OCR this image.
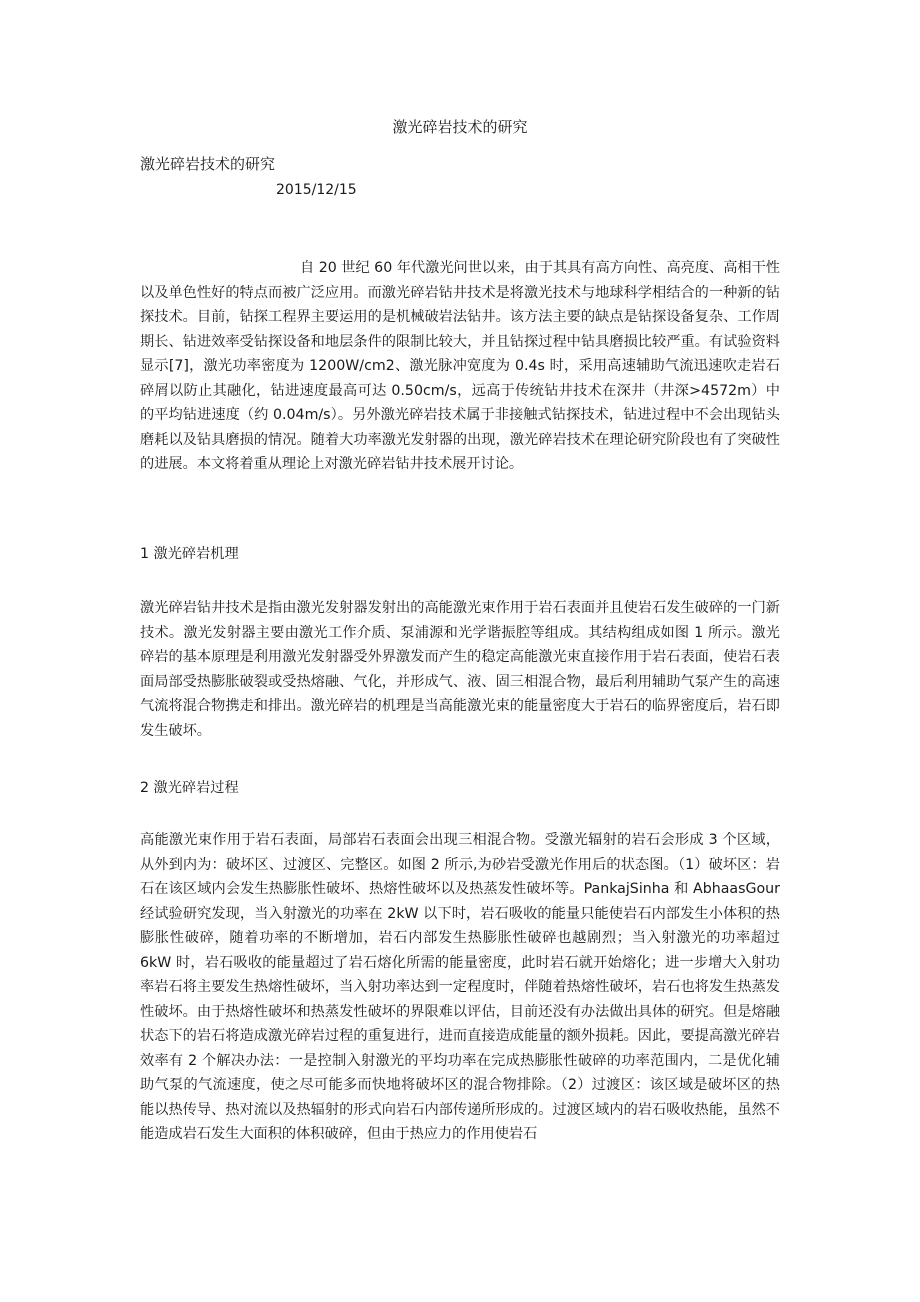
激光碎岩技术的研究
激光碎岩技术的研究
2015/12/15

自 20 世纪 60 年代激光问世以来，由于其具有高方向性、高亮度、高相干性以及单色性好的特点而被广泛应用。而激光碎岩钻井技术是将激光技术与地球科学相结合的一种新的钻探技术。目前，钻探工程界主要运用的是机械破岩法钻井。该方法主要的缺点是钻探设备复杂、工作周期长、钻进效率受钻探设备和地层条件的限制比较大，并且钻探过程中钻具磨损比较严重。有试验资料显示[7]，激光功率密度为 1200W/cm2、激光脉冲宽度为 0.4s 时，采用高速辅助气流迅速吹走岩石碎屑以防止其融化，钻进速度最高可达 0.50cm/s，远高于传统钻井技术在深井（井深>4572m）中的平均钻进速度（约 0.04m/s）。另外激光碎岩技术属于非接触式钻探技术，钻进过程中不会出现钻头磨耗以及钻具磨损的情况。随着大功率激光发射器的出现，激光碎岩技术在理论研究阶段也有了突破性的进展。本文将着重从理论上对激光碎岩钻井技术展开讨论。

1 激光碎岩机理

激光碎岩钻井技术是指由激光发射器发射出的高能激光束作用于岩石表面并且使岩石发生破碎的一门新技术。激光发射器主要由激光工作介质、泵浦源和光学谐振腔等组成。其结构组成如图 1 所示。激光碎岩的基本原理是利用激光发射器受外界激发而产生的稳定高能激光束直接作用于岩石表面，使岩石表面局部受热膨胀破裂或受热熔融、气化，并形成气、液、固三相混合物，最后利用辅助气泵产生的高速气流将混合物携走和排出。激光碎岩的机理是当高能激光束的能量密度大于岩石的临界密度后，岩石即发生破坏。

2 激光碎岩过程

高能激光束作用于岩石表面，局部岩石表面会出现三相混合物。受激光辐射的岩石会形成 3 个区域，从外到内为：破坏区、过渡区、完整区。如图 2 所示,为砂岩受激光作用后的状态图。（1）破坏区：岩石在该区域内会发生热膨胀性破坏、热熔性破坏以及热蒸发性破坏等。PankajSinha 和 AbhaasGour 经试验研究发现，当入射激光的功率在 2kW 以下时，岩石吸收的能量只能使岩石内部发生小体积的热膨胀性破碎，随着功率的不断增加，岩石内部发生热膨胀性破碎也越剧烈；当入射激光的功率超过 6kW 时，岩石吸收的能量超过了岩石熔化所需的能量密度，此时岩石就开始熔化；进一步增大入射功率岩石将主要发生热熔性破坏，当入射功率达到一定程度时，伴随着热熔性破坏，岩石也将发生热蒸发性破坏。由于热熔性破坏和热蒸发性破坏的界限难以评估，目前还没有办法做出具体的研究。但是熔融状态下的岩石将造成激光碎岩过程的重复进行，进而直接造成能量的额外损耗。因此，要提高激光碎岩效率有 2 个解决办法：一是控制入射激光的平均功率在完成热膨胀性破碎的功率范围内，二是优化辅助气泵的气流速度，使之尽可能多而快地将破坏区的混合物排除。（2）过渡区：该区域是破坏区的热能以热传导、热对流以及热辐射的形式向岩石内部传递所形成的。过渡区域内的岩石吸收热能，虽然不能造成岩石发生大面积的体积破碎，但由于热应力的作用使岩石
